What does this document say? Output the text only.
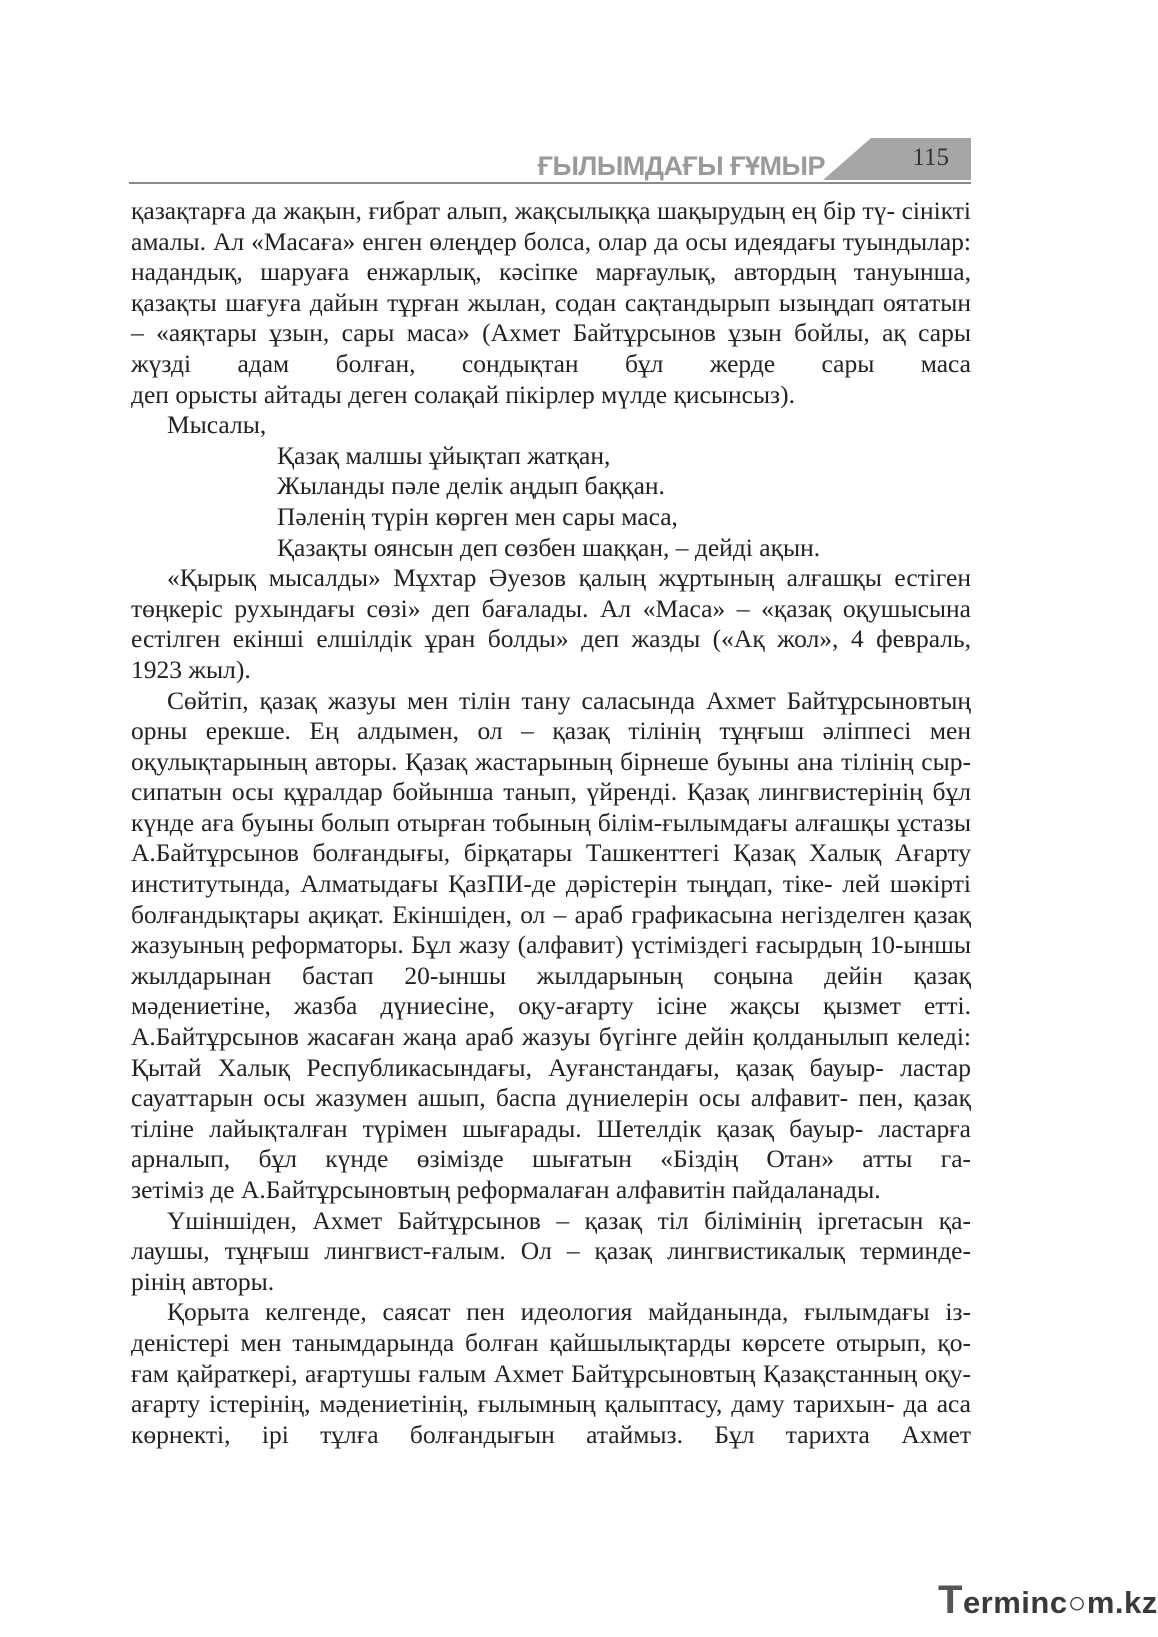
ҒЫЛЫМДАҒЫ ҒҰМЫР	115

қазақтарға да жақын, ғибрат алып, жақсылыққа шақырудың ең бір тү- сінікті амалы. Ал «Масаға» енген өлеңдер болса, олар да осы идеядағы туындылар: надандық, шаруаға енжарлық, кәсіпке марғаулық, автордың тануынша, қазақты шағуға дайын тұрған жылан, содан сақтандырып ызыңдап оятатын – «аяқтары ұзын, сары маса» (Ахмет Байтұрсынов ұзын бойлы, ақ сары жүзді адам болған, сондықтан бұл жерде сары маса

деп орысты айтады деген солақай пікірлер мүлде қисынсыз).

Мысалы,

Қазақ малшы ұйықтап жатқан,
Жыланды пәле делік аңдып баққан.
Пәленің түрін көрген мен сары маса,
Қазақты оянсын деп сөзбен шаққан, – дейді ақын.

«Қырық мысалды» Мұхтар Әуезов қалың жұртының алғашқы естіген төңкеріс рухындағы сөзі» деп бағалады. Ал «Маса» – «қазақ оқушысына естілген екінші елшілдік ұран болды» деп жазды («Ақ жол», 4 февраль,

1923 жыл).

Сөйтіп, қазақ жазуы мен тілін тану саласында Ахмет Байтұрсыновтың орны ерекше. Ең алдымен, ол – қазақ тілінің тұңғыш әліппесі мен оқулықтарының авторы. Қазақ жастарының бірнеше буыны ана тілінің сыр-сипатын осы құралдар бойынша танып, үйренді. Қазақ лингвистерінің бұл күнде аға буыны болып отырған тобының білім-ғылымдағы алғашқы ұстазы А.Байтұрсынов болғандығы, бірқатары Ташкенттегі Қазақ Халық Ағарту институтында, Алматыдағы ҚазПИ-де дәрістерін тыңдап, тіке- лей шәкірті болғандықтары ақиқат. Екіншіден, ол – араб графикасына негізделген қазақ жазуының реформаторы. Бұл жазу (алфавит) үстіміздегі ғасырдың 10-ыншы жылдарынан бастап 20-ыншы жылдарының соңына дейін қазақ мәдениетіне, жазба дүниесіне, оқу-ағарту ісіне жақсы қызмет етті. А.Байтұрсынов жасаған жаңа араб жазуы бүгінге дейін қолданылып келеді: Қытай Халық Республикасындағы, Ауғанстандағы, қазақ бауыр- ластар сауаттарын осы жазумен ашып, баспа дүниелерін осы алфавит- пен, қазақ тіліне лайықталған түрімен шығарады. Шетелдік қазақ бауыр- ластарға арналып, бұл күнде өзімізде шығатын «Біздің Отан» атты га-

зетіміз де А.Байтұрсыновтың реформалаған алфавитін пайдаланады.

Үшіншіден, Ахмет Байтұрсынов – қазақ тіл білімінің іргетасын қа- лаушы, тұңғыш лингвист-ғалым. Ол – қазақ лингвистикалық терминде-

рінің авторы.

Қорыта келгенде, саясат пен идеология майданында, ғылымдағы із- деністері мен танымдарында болған қайшылықтарды көрсете отырып, қо- ғам қайраткері, ағартушы ғалым Ахмет Байтұрсыновтың Қазақстанның оқу-ағарту істерінің, мәдениетінің, ғылымның қалыптасу, даму тарихын- да аса көрнекті, ірі тұлға болғандығын атаймыз. Бұл тарихта Ахмет

Terminc○m.kz
